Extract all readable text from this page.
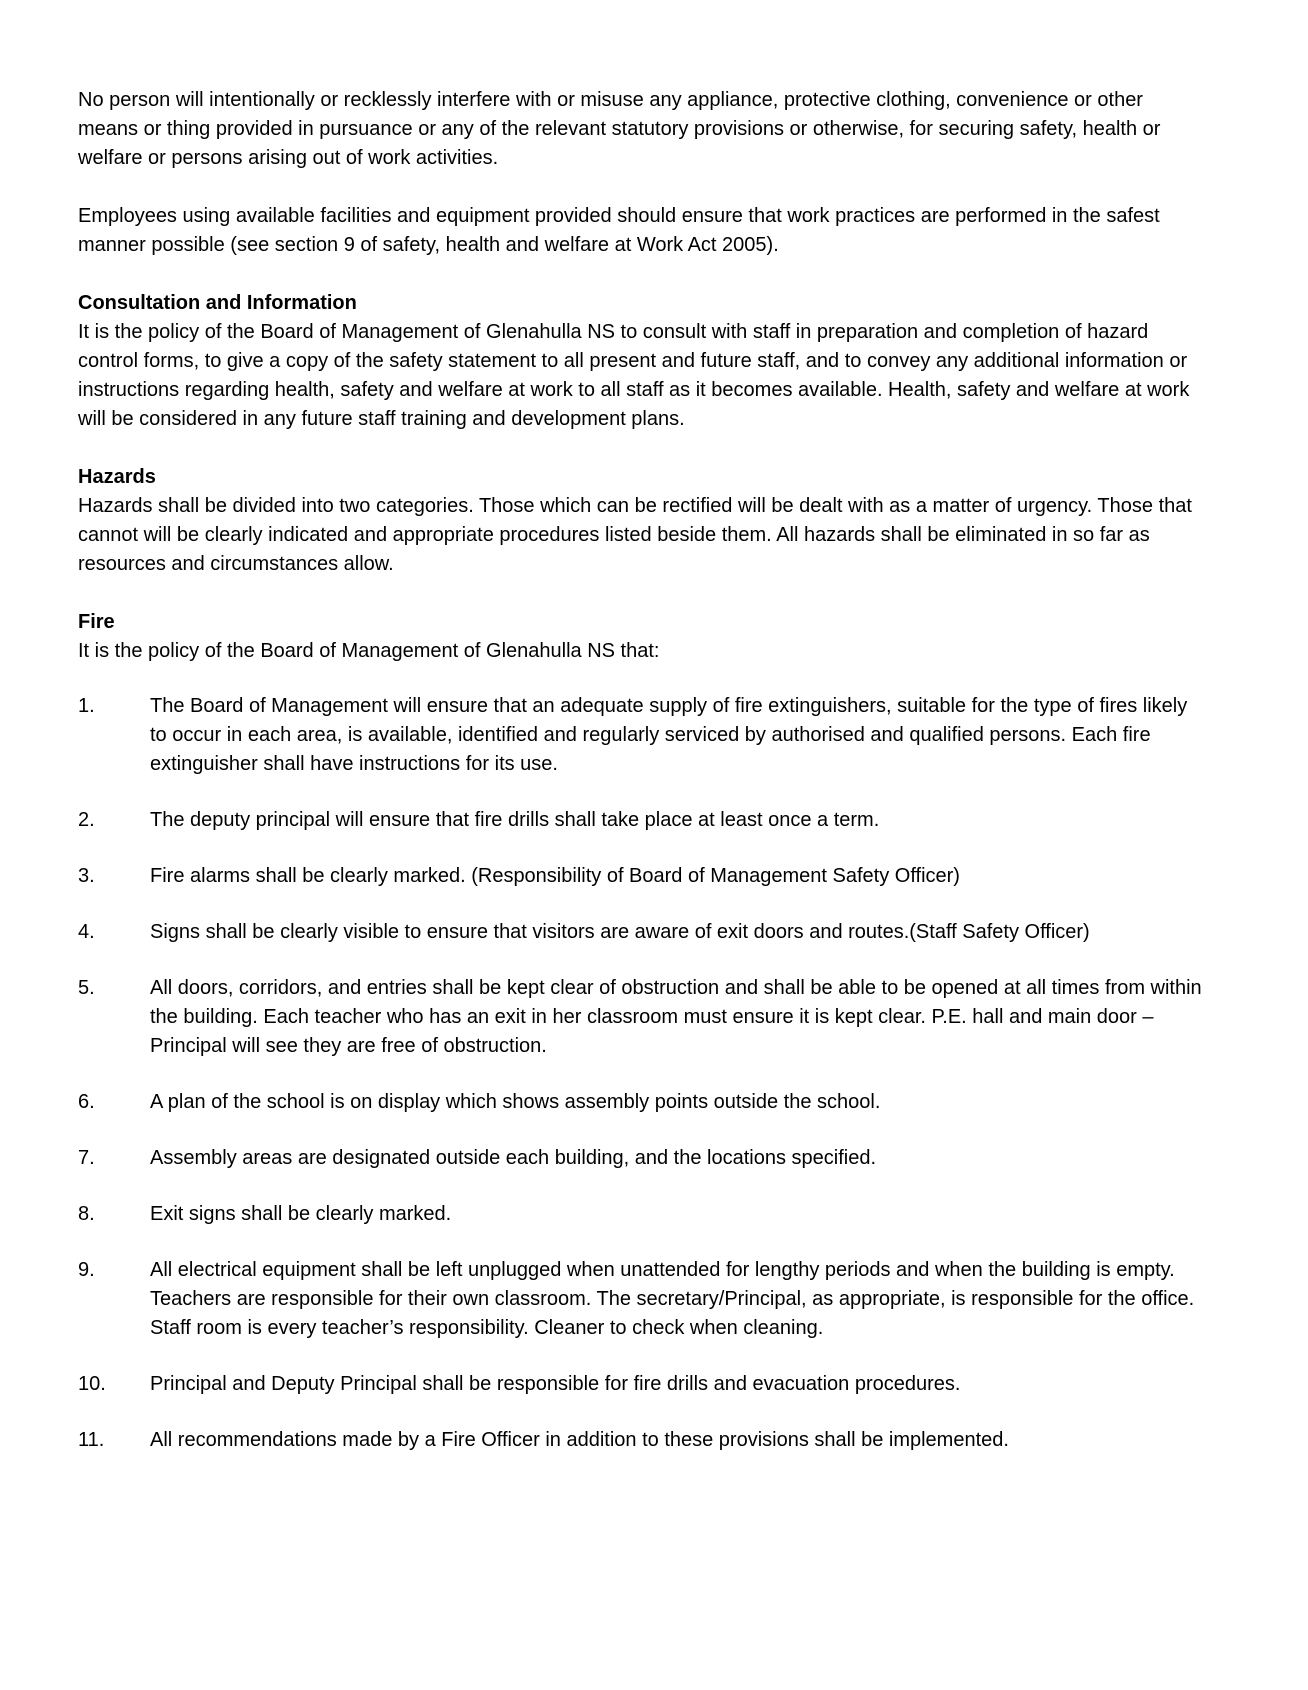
No person will intentionally or recklessly interfere with or misuse any appliance, protective clothing, convenience or other means or thing provided in pursuance or any of the relevant statutory provisions or otherwise, for securing safety, health or welfare or persons arising out of work activities.

Employees using available facilities and equipment provided should ensure that work practices are performed in the safest manner possible (see section 9 of safety, health and welfare at Work Act 2005).

Consultation and Information

It is the policy of the Board of Management of Glenahulla NS to consult with staff in preparation and completion of hazard control forms, to give a copy of the safety statement to all present and future staff, and to convey any additional information or instructions regarding health, safety and welfare at work to all staff as it becomes available. Health, safety and welfare at work will be considered in any future staff training and development plans.

Hazards

Hazards shall be divided into two categories. Those which can be rectified will be dealt with as a matter of urgency. Those that cannot will be clearly indicated and appropriate procedures listed beside them. All hazards shall be eliminated in so far as resources and circumstances allow.

Fire

It is the policy of the Board of Management of Glenahulla NS that:

1.	The Board of Management will ensure that an adequate supply of fire extinguishers, suitable for the type of fires likely to occur in each area, is available, identified and regularly serviced by authorised and qualified persons. Each fire extinguisher shall have instructions for its use.
2.	The deputy principal will ensure that fire drills shall take place at least once a term.
3.	Fire alarms shall be clearly marked. (Responsibility of Board of Management Safety Officer)
4.	Signs shall be clearly visible to ensure that visitors are aware of exit doors and routes.(Staff Safety Officer)
5.	All doors, corridors, and entries shall be kept clear of obstruction and shall be able to be opened at all times from within the building. Each teacher who has an exit in her classroom must ensure it is kept clear. P.E. hall and main door – Principal will see they are free of obstruction.
6.	A plan of the school is on display which shows assembly points outside the school.
7.	Assembly areas are designated outside each building, and the locations specified.
8.	Exit signs shall be clearly marked.
9.	All electrical equipment shall be left unplugged when unattended for lengthy periods and when the building is empty. Teachers are responsible for their own classroom. The secretary/Principal, as appropriate, is responsible for the office. Staff room is every teacher’s responsibility. Cleaner to check when cleaning.
10.	Principal and Deputy Principal shall be responsible for fire drills and evacuation procedures.
11.	All recommendations made by a Fire Officer in addition to these provisions shall be implemented.
